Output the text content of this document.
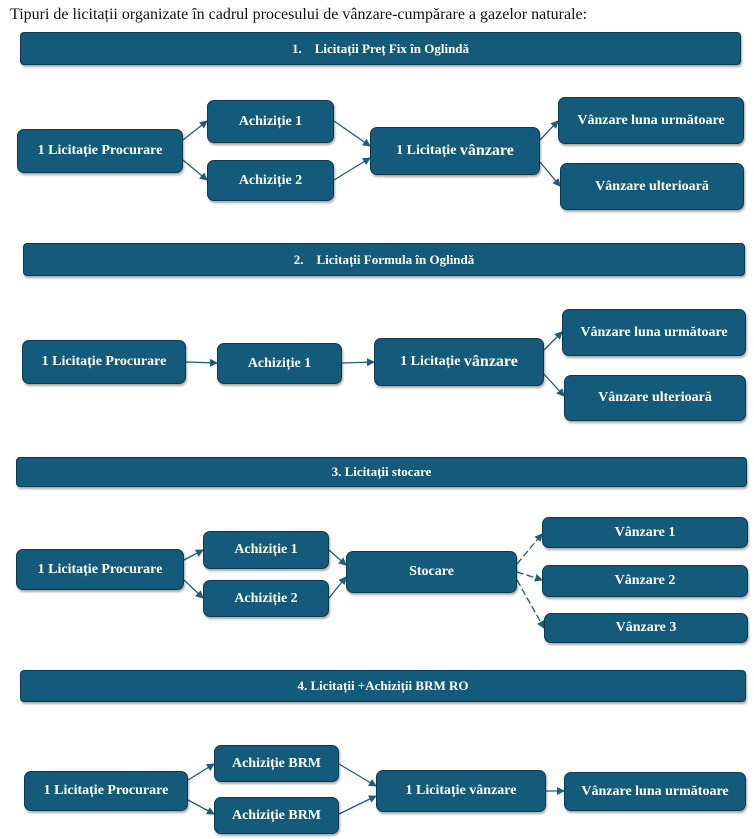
Tipuri de licitații organizate în cadrul procesului de vânzare-cumpărare a gazelor naturale:
1.    Licitații Preț Fix în Oglindă
1 Licitație Procurare
Achiziție 1
Achiziție 2
1 Licitație
vânzare
Vânzare luna următoare
Vânzare ulterioară
2.    Licitații Formula în Oglindă
1 Licitație Procurare	Achiziție 1	1 Licitație
vânzare
Vânzare luna următoare
Vânzare ulterioară
3. Licitații stocare
1 Licitație Procurare
Achiziție 1
Achiziție 2
Stocare
Vânzare 1
Vânzare 2
Vânzare 3
4. Licitații +Achiziții BRM RO
1 Licitație Procurare
Achiziție BRM
Achiziție BRM
1 Licitație vânzare	Vânzare luna următoare
